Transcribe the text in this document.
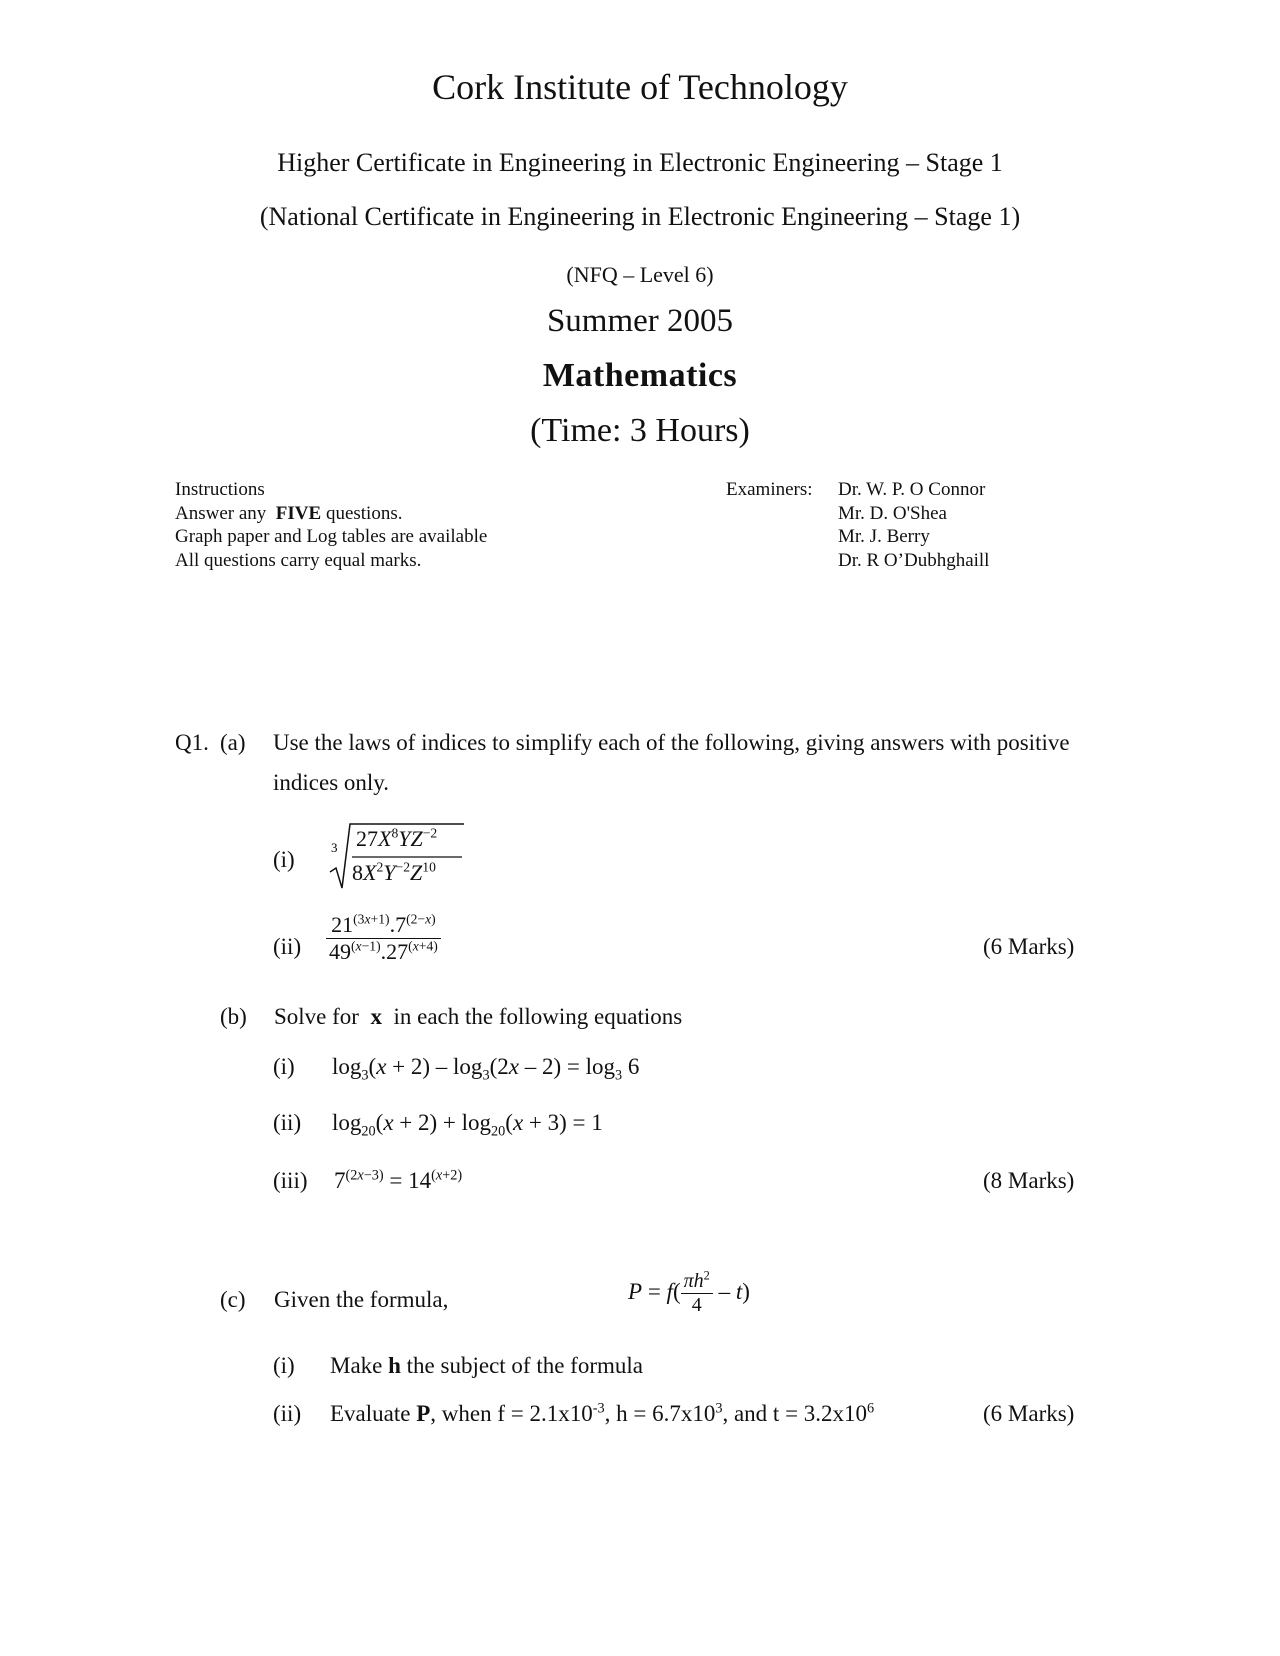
Cork Institute of Technology
Higher Certificate in Engineering in Electronic Engineering – Stage 1
(National Certificate in Engineering in Electronic Engineering – Stage 1)
(NFQ – Level 6)
Summer 2005
Mathematics
(Time: 3 Hours)
Instructions
Answer any FIVE questions.
Graph paper and Log tables are available
All questions carry equal marks.
Examiners: Dr. W. P. O Connor
Mr. D. O'Shea
Mr. J. Berry
Dr. R O’Dubhghaill
Q1. (a) Use the laws of indices to simplify each of the following, giving answers with positive
indices only.
(i)	3 $27X^8YZ^{-2}$
$8X^2Y^{-2}Z^{10}$
$(ii) \frac{21^{(3x+1)}.7^{(2-x)}}{49^{(x-1)}.27^{(x+4)}}$	(6 Marks)
(b) Solve for x in each the following equations
(i) $\log_3(x + 2) - \log_3(2x - 2) = \log_3 6$
(ii) $\log_{20}(x + 2) + \log_{20}(x + 3) = 1$
(iii) $7^{(2x-3)} = 14^{(x+2)}$	(8 Marks)
(c) Given the formula,	$P = f( \frac{\pi h^2}{4} - t)$
(i) Make h the subject of the formula
(ii) Evaluate P, when $f = 2.1x10^{-3}$, $h = 6.7x10^3$, and $t = 3.2x10^6$	(6 Marks)
